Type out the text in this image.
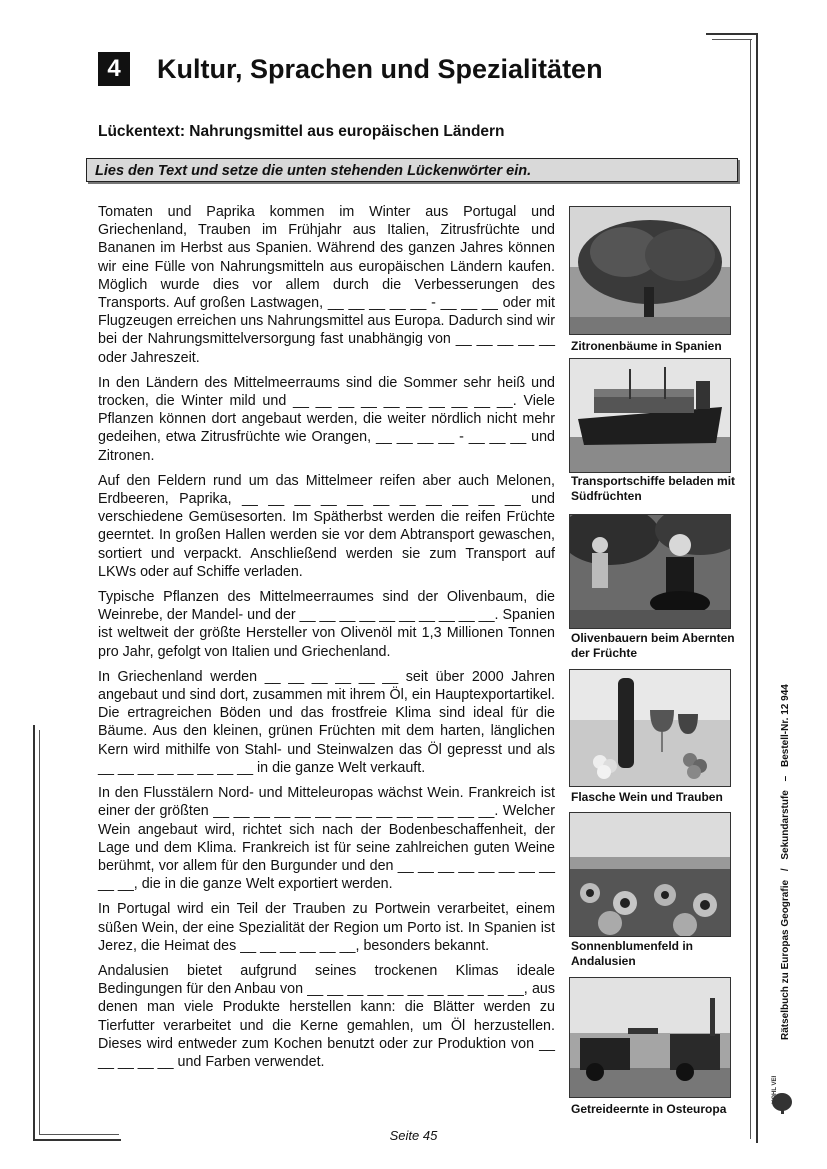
4	Kultur, Sprachen und Spezialitäten
Lückentext: Nahrungsmittel aus europäischen Ländern
Lies den Text und setze die unten stehenden Lückenwörter ein.

Tomaten und Paprika kommen im Winter aus Portugal und Griechenland, Trauben im Frühjahr aus Italien, Zitrusfrüchte und Bananen im Herbst aus Spanien. Während des ganzen Jahres können wir eine Fülle von Nahrungsmitteln aus europäischen Ländern kaufen. Möglich wurde dies vor allem durch die Verbesserungen des Transports. Auf großen Lastwagen, __ __ __ __ __ - __ __ __ oder mit Flugzeugen erreichen uns Nahrungsmittel aus Europa. Dadurch sind wir bei der Nahrungsmittelversorgung fast unabhängig von __ __ __ __ __ oder Jahreszeit.

In den Ländern des Mittelmeerraums sind die Sommer sehr heiß und trocken, die Winter mild und __ __ __ __ __ __ __ __ __ __. Viele Pflanzen können dort angebaut werden, die weiter nördlich nicht mehr gedeihen, etwa Zitrusfrüchte wie Orangen, __ __ __ __ - __ __ __ und Zitronen.

Auf den Feldern rund um das Mittelmeer reifen aber auch Melonen, Erdbeeren, Paprika, __ __ __ __ __ __ __ __ __ __ __ und verschiedene Gemüsesorten. Im Spätherbst werden die reifen Früchte geerntet. In großen Hallen werden sie vor dem Abtransport gewaschen, sortiert und verpackt. Anschließend werden sie zum Transport auf LKWs oder auf Schiffe verladen.

Typische Pflanzen des Mittelmeerraumes sind der Olivenbaum, die Weinrebe, der Mandel- und der __ __ __ __ __ __ __ __ __ __. Spanien ist weltweit der größte Hersteller von Olivenöl mit 1,3 Millionen Tonnen pro Jahr, gefolgt von Italien und Griechenland.

In Griechenland werden __ __ __ __ __ __ seit über 2000 Jahren angebaut und sind dort, zusammen mit ihrem Öl, ein Hauptexportartikel. Die ertragreichen Böden und das frostfreie Klima sind ideal für die Bäume. Aus den kleinen, grünen Früchten mit dem harten, länglichen Kern wird mithilfe von Stahl- und Steinwalzen das Öl gepresst und als __ __ __ __ __ __ __ __ in die ganze Welt verkauft.

In den Flusstälern Nord- und Mitteleuropas wächst Wein. Frankreich ist einer der größten __ __ __ __ __ __ __ __ __ __ __ __ __ __. Welcher Wein angebaut wird, richtet sich nach der Bodenbeschaffenheit, der Lage und dem Klima. Frankreich ist für seine zahlreichen guten Weine berühmt, vor allem für den Burgunder und den __ __ __ __ __ __ __ __ __ __, die in die ganze Welt exportiert werden.

In Portugal wird ein Teil der Trauben zu Portwein verarbeitet, einem süßen Wein, der eine Spezialität der Region um Porto ist. In Spanien ist Jerez, die Heimat des __ __ __ __ __ __, besonders bekannt.

Andalusien bietet aufgrund seines trockenen Klimas ideale Bedingungen für den Anbau von __ __ __ __ __ __ __ __ __ __ __, aus denen man viele Produkte herstellen kann: die Blätter werden zu Tierfutter verarbeitet und die Kerne gemahlen, um Öl herzustellen. Dieses wird entweder zum Kochen benutzt oder zur Produktion von __ __ __ __ __ und Farben verwendet.

Zitronenbäume in Spanien
Transportschiffe beladen mit Südfrüchten
Olivenbauern beim Abernten der Früchte
Flasche Wein und Trauben
Sonnenblumenfeld in Andalusien
Getreideernte in Osteuropa
Rätselbuch zu Europas Geografie / Sekundarstufe – Bestell-Nr. 12 944
KOHL VERLAG
Seite 45
